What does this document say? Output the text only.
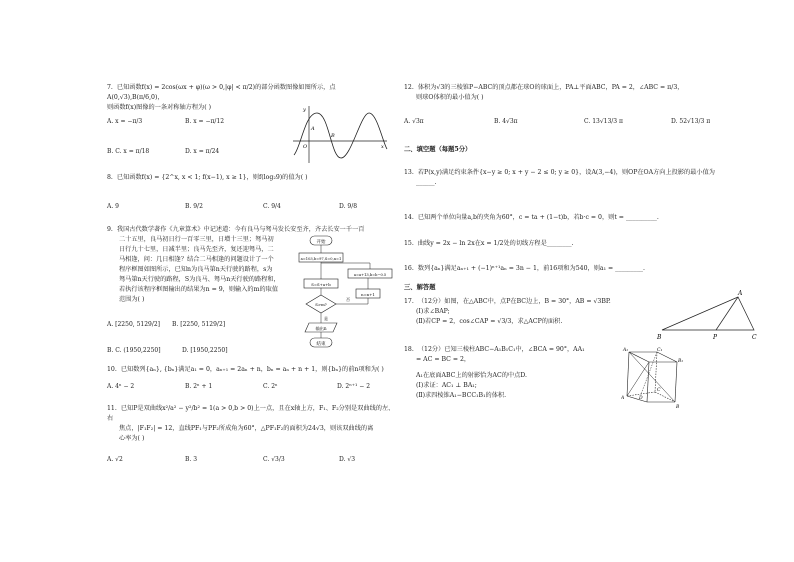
7. 已知函数f(x) = 2cos(ωx + φ)(ω > 0,|φ| < π/2)的部分函数图像如图所示，点A(0,√3),B(π/6,0)，
则函数f(x)图像的一条对称轴方程为( )	y
x
A
B
O
A. x = −π/3	B. x = −π/12
B. C. x = π/18	D. x = π/24
8. 已知函数f(x) = {2^x, x < 1; f(x−1), x ≥ 1}，则f(log₂9)的值为( )
A. 9	B. 9/2	C. 9/4	D. 9/8
9. 我国古代数学著作《九章算术》中记述道：今有良马与驽马发长安至齐，齐去长安一千一百
二十五里，良马初日行一百零三里，日增十三里；驽马初
日行九十七里，日减半里；良马先至齐，复还迎驽马，二
马相逢，问：几日相逢？结合二马相逢的问题设计了一个
程序框图如图所示，已知n为良马第n天行驶的路程，s为
驽马第n天行驶的路程，S为良马、驽马n天行驶的路程和，
若执行该程序框图输出的结果为n = 9，则输入的m的取值
范围为( )
开始
a=103,b=97,S=0,n=1
a=a+13,b=b−0.5
S=S+a+b
n=n+1
S>m?
否
是
输出n
结束
A. [2250, 5129/2] B. [2250, 5129/2]
B. C. (1950,2250]	D. [1950,2250]
10. 已知数列{aₙ}, {bₙ}满足a₁ = 0，aₙ₊₁ = 2aₙ + n，bₙ = aₙ + n + 1，则{bₙ}的前n项和为( )
A. 4ⁿ − 2	B. 2ⁿ + 1	C. 2ⁿ	D. 2ⁿ⁺¹ − 2
11. 已知P是双曲线x²/a² − y²/b² = 1(a > 0,b > 0)上一点，且在x轴上方，F₁、F₂分别是双曲线的左、右
焦点，|F₁F₂| = 12，直线PF₁与PF₂所成角为60°，△PF₁F₂的面积为24√3，则该双曲线的离
心率为( )
A. √2	B. 3	C. √3/3	D. √3
12. 体积为√3的三棱锥P−ABC的顶点都在球O的球面上，PA⊥平面ABC，PA = 2，∠ABC = π/3，
则球O体积的最小值为( )
A. √3π	B. 4√3π	C. 13√13/3 π	D. 52√13/3 π
二、填空题（每题5分）
13. 若P(x,y)满足约束条件{x−y ≥ 0; x + y − 2 ≤ 0; y ≥ 0}，设A(3,−4)，则OP在OA方向上投影的最小值为
______.
14. 已知两个单位向量a,b的夹角为60°，c = ta + (1−t)b，若b·c = 0，则t = __________.
15. 曲线y = 2x − ln 2x在x = 1/2处的切线方程是________.
16. 数列{aₙ}满足aₙ₊₁ + (−1)ⁿ⁺¹aₙ = 3n − 1，前16项和为540，则a₁ = _________.
三、解答题
17. （12分）如图，在△ABC中，点P在BC边上，B = 30°，AB = √3BP.
(Ⅰ)求∠BAP;
(Ⅱ)若CP = 2，cos∠CAP = √3/3，求△ACP的面积.
A
B	P	C
18. （12分）已知三棱柱ABC−A₁B₁C₁中，∠BCA = 90°，AA₁
= AC = BC = 2，
A₁在底面ABC上的射影恰为AC的中点D.
(Ⅰ)求证：AC₁ ⊥ BA₁;
(Ⅱ)求四棱锥A₁−BCC₁B₁的体积.
A₁	C₁
B₁
A	D
C
B
